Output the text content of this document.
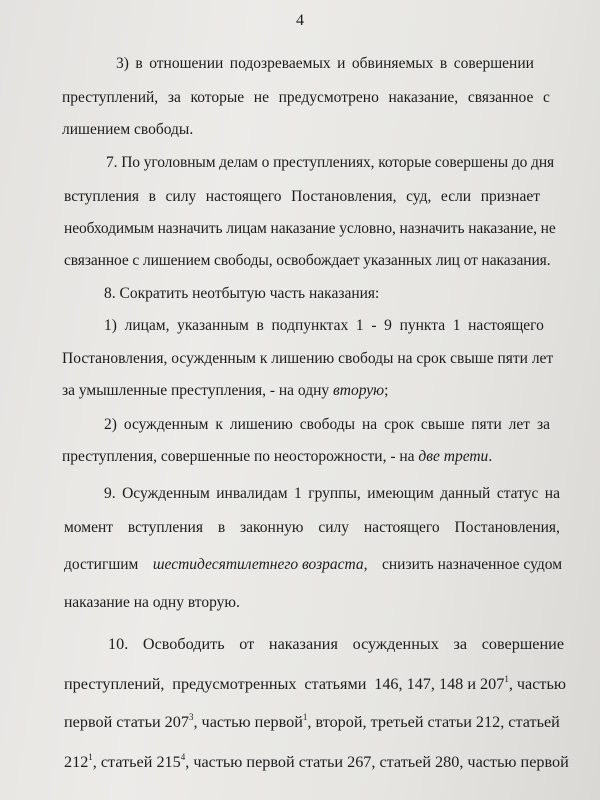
4
3) в отношении подозреваемых и обвиняемых в совершении
преступлений, за которые не предусмотрено наказание, связанное с
лишением свободы.
7. По уголовным делам о преступлениях, которые совершены до дня
вступления в силу настоящего Постановления, суд, если признает
необходимым назначить лицам наказание условно, назначить наказание, не
связанное с лишением свободы, освобождает указанных лиц от наказания.
8. Сократить неотбытую часть наказания:
1) лицам, указанным в подпунктах 1 - 9 пункта 1 настоящего
Постановления, осужденным к лишению свободы на срок свыше пяти лет
за умышленные преступления, - на одну вторую;
2) осужденным к лишению свободы на срок свыше пяти лет за
преступления, совершенные по неосторожности, - на две трети.
9. Осужденным инвалидам 1 группы, имеющим данный статус на
момент вступления в законную силу настоящего Постановления,
достигшим шестидесятилетнего возраста, снизить назначенное судом
наказание на одну вторую.
10. Освободить от наказания осужденных за совершение
преступлений, предусмотренных статьями 146, 147, 148 и $207^1$, частью
первой статьи $207^3$, частью первой$^1$, второй, третьей статьи 212, статьей
$212^1$, статьей $215^4$, частью первой статьи 267, статьей 280, частью первой
